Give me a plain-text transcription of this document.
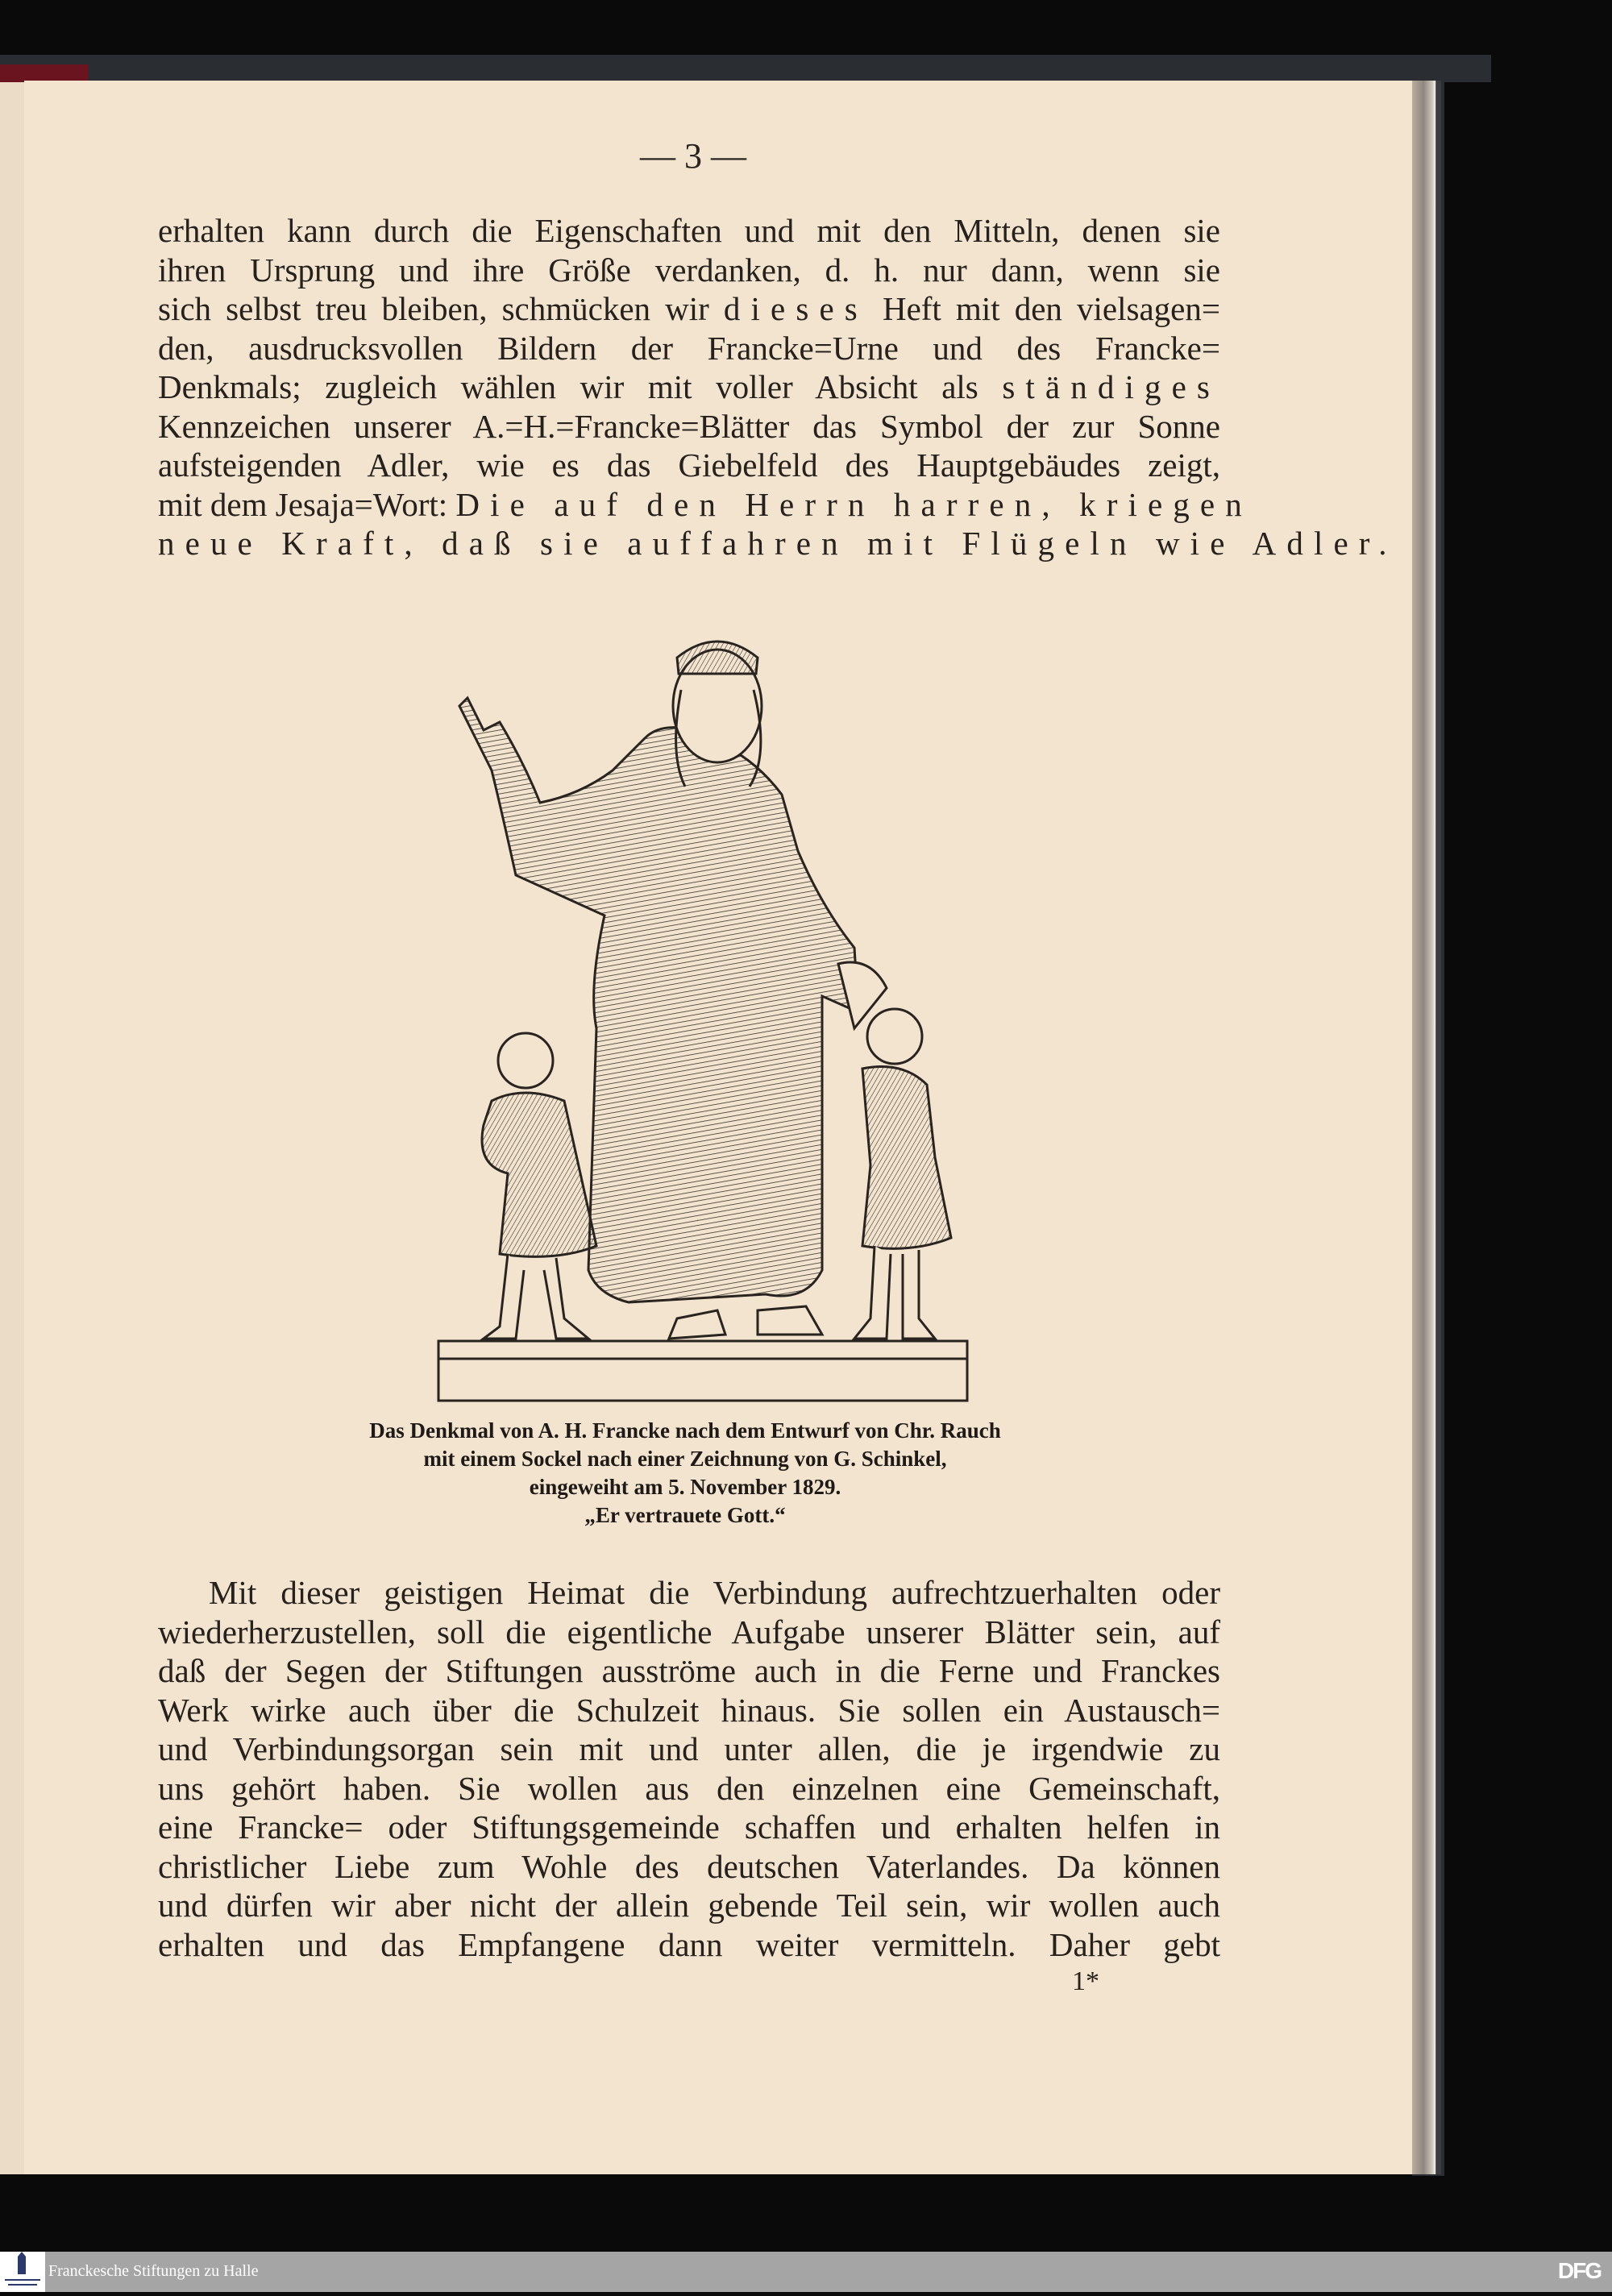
— 3 —
erhalten kann durch die Eigenschaften und mit den Mitteln, denen sie
ihren Ursprung und ihre Größe verdanken, d. h. nur dann, wenn sie
sich selbst treu bleiben, schmücken wir dieses Heft mit den vielsagen=
den, ausdrucksvollen Bildern der Francke=Urne und des Francke=
Denkmals; zugleich wählen wir mit voller Absicht als ständiges
Kennzeichen unserer A.=H.=Francke=Blätter das Symbol der zur Sonne
aufsteigenden Adler, wie es das Giebelfeld des Hauptgebäudes zeigt,
mit dem Jesaja=Wort: Die auf den Herrn harren, kriegen
neue Kraft, daß sie auffahren mit Flügeln wie Adler.
Das Denkmal von A. H. Francke nach dem Entwurf von Chr. Rauch
mit einem Sockel nach einer Zeichnung von G. Schinkel,
eingeweiht am 5. November 1829.
„Er vertrauete Gott.“
Mit dieser geistigen Heimat die Verbindung aufrechtzuerhalten oder
wiederherzustellen, soll die eigentliche Aufgabe unserer Blätter sein, auf
daß der Segen der Stiftungen ausströme auch in die Ferne und Franckes
Werk wirke auch über die Schulzeit hinaus. Sie sollen ein Austausch=
und Verbindungsorgan sein mit und unter allen, die je irgendwie zu
uns gehört haben. Sie wollen aus den einzelnen eine Gemeinschaft,
eine Francke= oder Stiftungsgemeinde schaffen und erhalten helfen in
christlicher Liebe zum Wohle des deutschen Vaterlandes. Da können
und dürfen wir aber nicht der allein gebende Teil sein, wir wollen auch
erhalten und das Empfangene dann weiter vermitteln. Daher gebt
1*
Franckesche Stiftungen zu Halle	DFG
